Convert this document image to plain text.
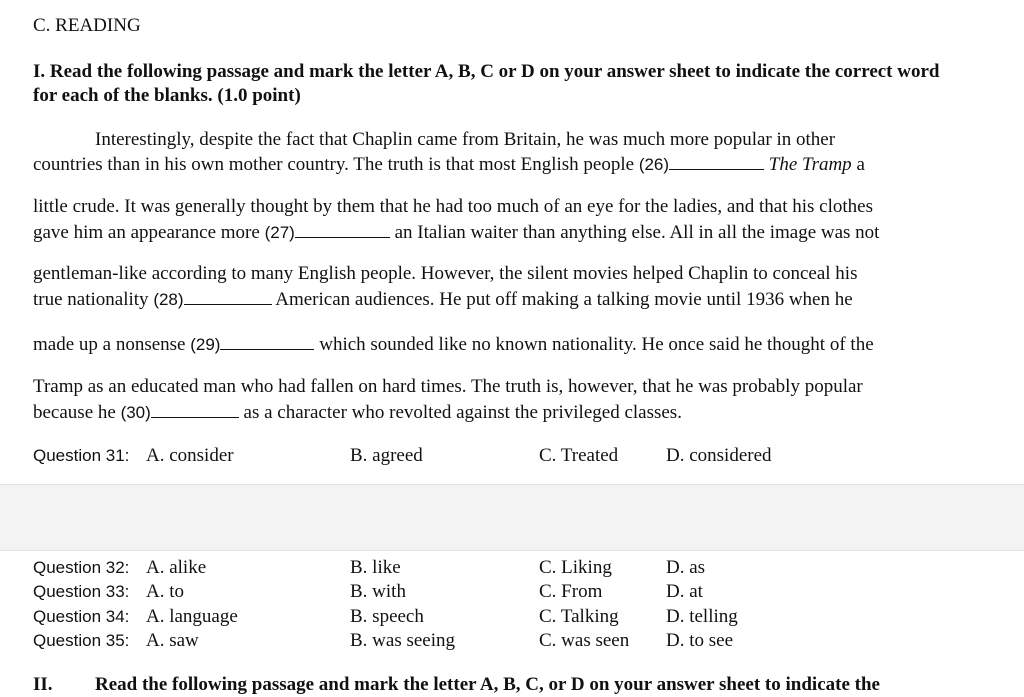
C. READING
I. Read the following passage and mark the letter A, B, C or D on your answer sheet to indicate the correct word
for each of the blanks. (1.0 point)
Interestingly, despite the fact that Chaplin came from Britain, he was much more popular in other
countries than in his own mother country. The truth is that most English people (26)	The Tramp a
little crude. It was generally thought by them that he had too much of an eye for the ladies, and that his clothes
gave him an appearance more (27)	an Italian waiter than anything else. All in all the image was not
gentleman-like according to many English people. However, the silent movies helped Chaplin to conceal his
true nationality (28)	American audiences. He put off making a talking movie until 1936 when he
made up a nonsense (29)	which sounded like no known nationality. He once said he thought of the
Tramp as an educated man who had fallen on hard times. The truth is, however, that he was probably popular
because he (30)	as a character who revolted against the privileged classes.
Question 31: A. consider	B. agreed	C. Treated	D. considered
Question 32: A. alike	B. like	C. Liking	D. as
Question 33: A. to	B. with	C. From	D. at
Question 34: A. language	B. speech	C. Talking D. telling
Question 35: A. saw	B. was seeing	C. was seen D. to see
II. Read the following passage and mark the letter A, B, C, or D on your answer sheet to indicate the
